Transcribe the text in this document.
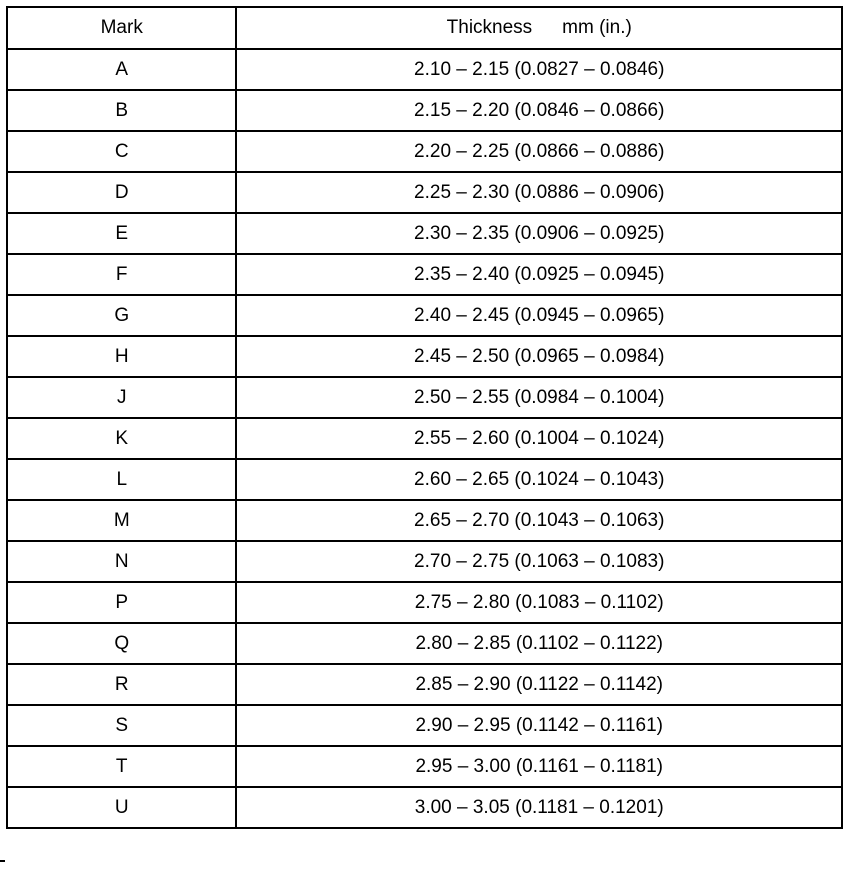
Mark	Thickness mm (in.)
A	2.10 – 2.15 (0.0827 – 0.0846)
B	2.15 – 2.20 (0.0846 – 0.0866)
C	2.20 – 2.25 (0.0866 – 0.0886)
D	2.25 – 2.30 (0.0886 – 0.0906)
E	2.30 – 2.35 (0.0906 – 0.0925)
F	2.35 – 2.40 (0.0925 – 0.0945)
G	2.40 – 2.45 (0.0945 – 0.0965)
H	2.45 – 2.50 (0.0965 – 0.0984)
J	2.50 – 2.55 (0.0984 – 0.1004)
K	2.55 – 2.60 (0.1004 – 0.1024)
L	2.60 – 2.65 (0.1024 – 0.1043)
M	2.65 – 2.70 (0.1043 – 0.1063)
N	2.70 – 2.75 (0.1063 – 0.1083)
P	2.75 – 2.80 (0.1083 – 0.1102)
Q	2.80 – 2.85 (0.1102 – 0.1122)
R	2.85 – 2.90 (0.1122 – 0.1142)
S	2.90 – 2.95 (0.1142 – 0.1161)
T	2.95 – 3.00 (0.1161 – 0.1181)
U	3.00 – 3.05 (0.1181 – 0.1201)
